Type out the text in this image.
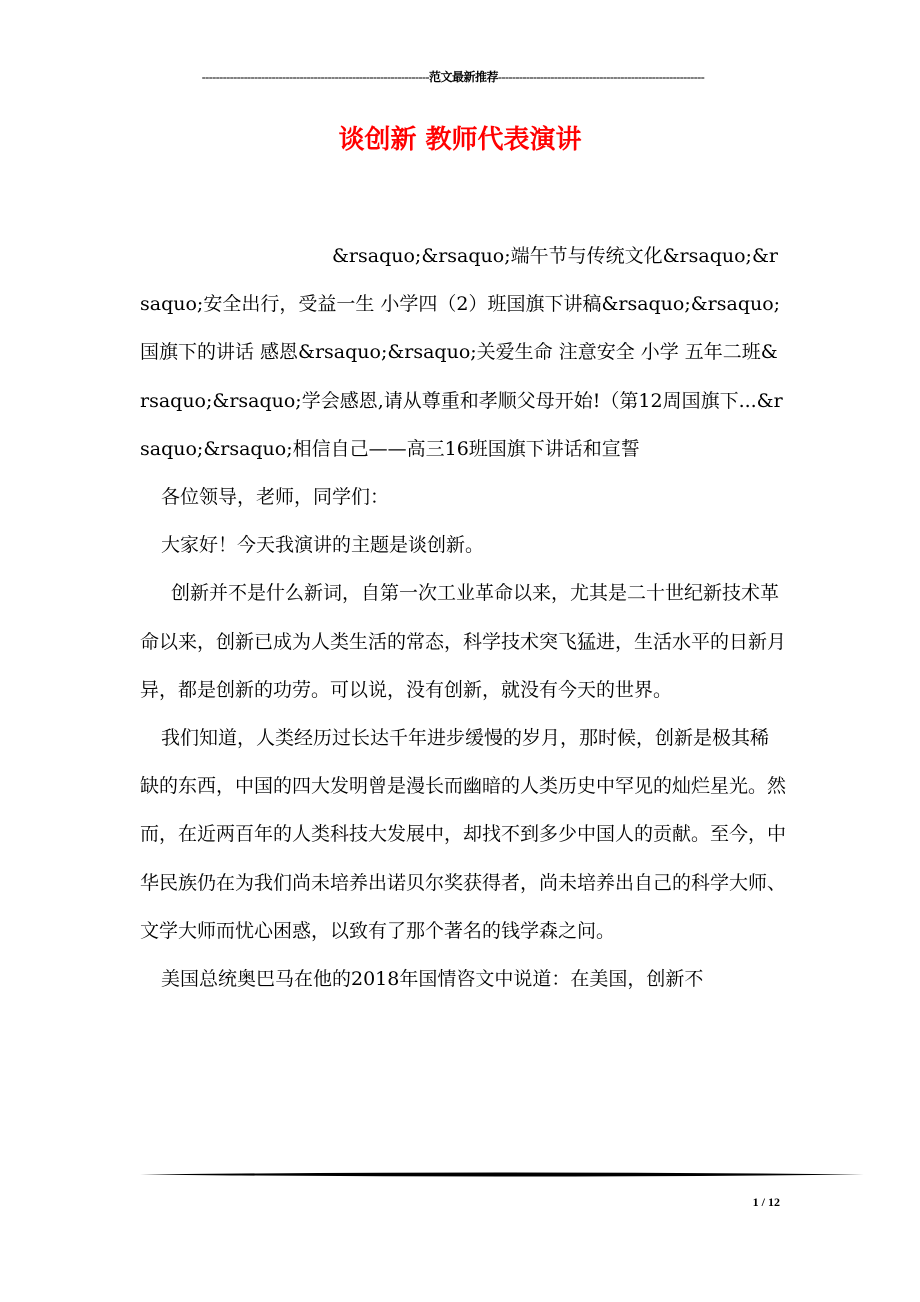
-----------------------------------------------------------------范文最新推荐-----------------------------------------------------------
谈创新 教师代表演讲

&rsaquo;&rsaquo;端午节与传统文化&rsaquo;&rsaquo;安全出行，受益一生 小学四（2）班国旗下讲稿&rsaquo;&rsaquo;国旗下的讲话 感恩&rsaquo;&rsaquo;关爱生命 注意安全 小学 五年二班&rsaquo;&rsaquo;学会感恩,请从尊重和孝顺父母开始!（第12周国旗下...&rsaquo;&rsaquo;相信自己——高三16班国旗下讲话和宣誓

各位领导，老师，同学们：

大家好！今天我演讲的主题是谈创新。

创新并不是什么新词，自第一次工业革命以来，尤其是二十世纪新技术革命以来，创新已成为人类生活的常态，科学技术突飞猛进，生活水平的日新月异，都是创新的功劳。可以说，没有创新，就没有今天的世界。

我们知道，人类经历过长达千年进步缓慢的岁月，那时候，创新是极其稀缺的东西，中国的四大发明曾是漫长而幽暗的人类历史中罕见的灿烂星光。然而，在近两百年的人类科技大发展中，却找不到多少中国人的贡献。至今，中华民族仍在为我们尚未培养出诺贝尔奖获得者，尚未培养出自己的科学大师、文学大师而忧心困惑，以致有了那个著名的钱学森之问。

美国总统奥巴马在他的2018年国情咨文中说道：在美国，创新不

1 / 12
